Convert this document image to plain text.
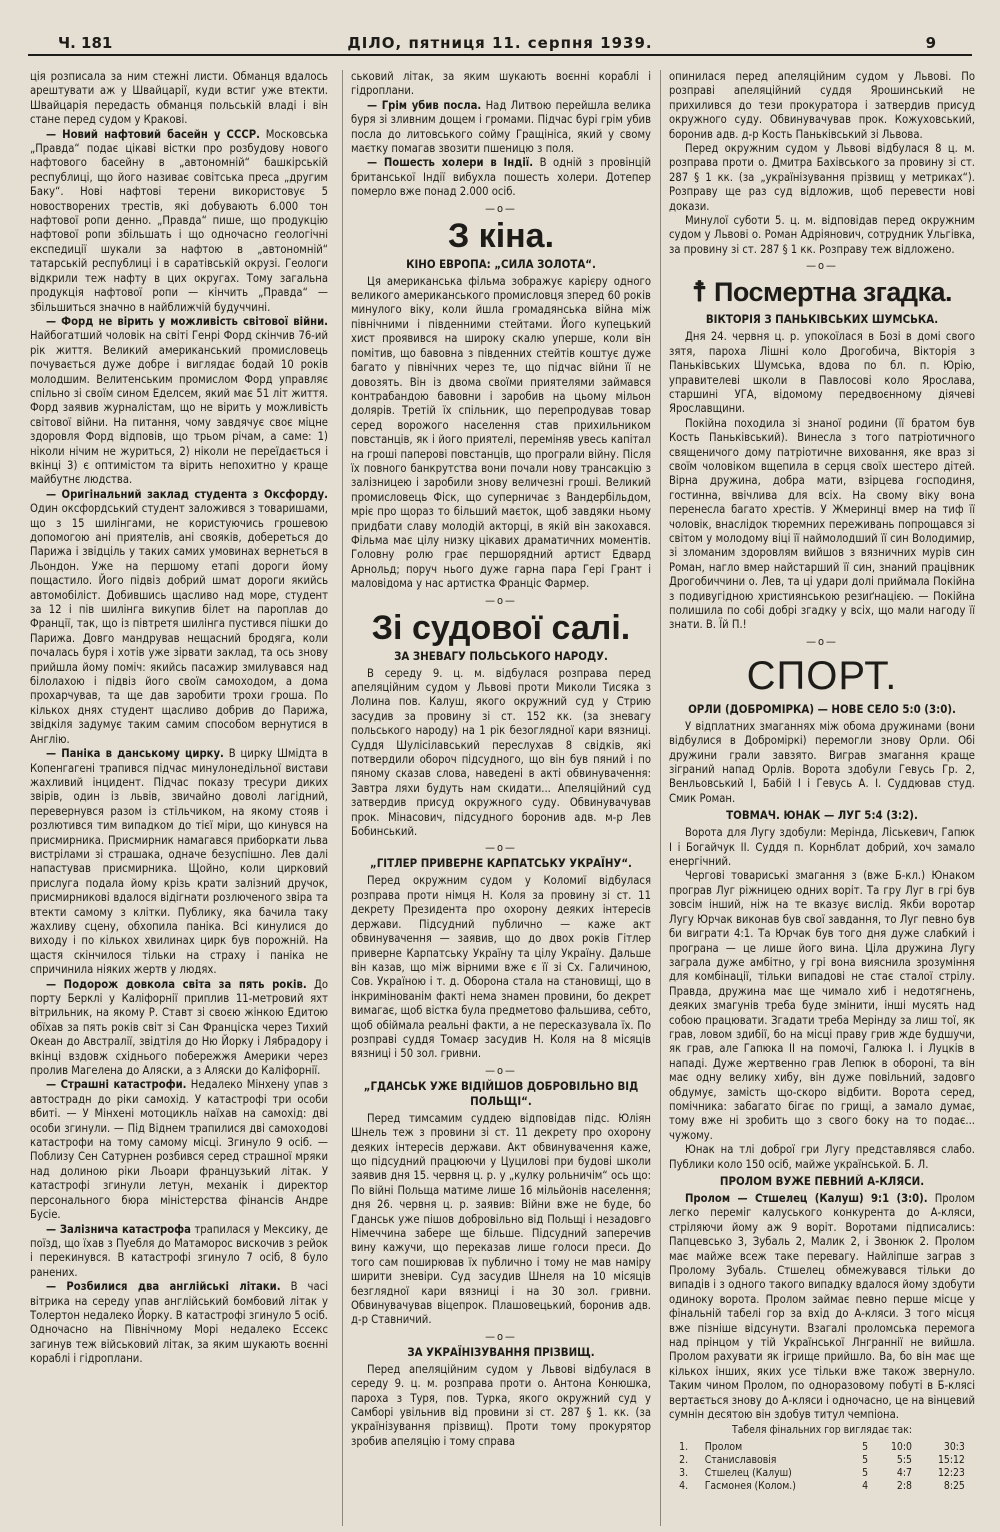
Ч. 181	ДІЛО, пятниця 11. серпня 1939.	9

ція розписала за ним стежні листи. Обманця вдалось арештувати аж у Швайцарії, куди встиг уже втекти. Швайцарія передасть обманця польській владі і він стане перед судом у Кракові.

— Новий нафтовий басейн у СССР. Московська „Правда“ подає цікаві вістки про розбудову нового нафтового басейну в „автономній“ башкірській республиці, що його називає совітська преса „другим Баку“. Нові нафтові терени використовує 5 новостворених трестів, які добувають 6.000 тон нафтової ропи денно. „Правда“ пише, що продукцію нафтової ропи збільшать і що одночасно геологічні експедиції шукали за нафтою в „автономній“ татарській республиці і в саратівській окрузі. Геологи відкрили теж нафту в цих округах. Тому загальна продукція нафтової ропи — кінчить „Правда“ — збільшиться значно в найближчій будуччині.

— Форд не вірить у можливість світової війни. Найбогатший чоловік на світі Генрі Форд скінчив 76-ий рік життя. Великий американський промисловець почувається дуже добре і виглядає бодай 10 років молодшим. Велитенським промислом Форд управляє спільно зі своїм сином Еделсем, який має 51 літ життя. Форд заявив журналістам, що не вірить у можливість світової війни. На питання, чому завдячує своє міцне здоровля Форд відповів, що трьом річам, а саме: 1) ніколи нічим не журиться, 2) ніколи не переїдається і вкінці 3) є оптимістом та вірить непохитно у краще майбутнє людства.

— Оригінальний заклад студента з Оксфорду. Один оксфордський студент заложився з товаришами, що з 15 шилінгами, не користуючись грошевою допомогою ані приятелів, ані свояків, добереться до Парижа і звідціль у таких самих умовинах вернеться в Льондон. Уже на першому етапі дороги йому пощастило. Його підвіз добрий шмат дороги якийсь автомобіліст. Добившись щасливо над море, студент за 12 і пів шилінга викупив білет на пароплав до Франції, так, що із півтретя шилінга пустився пішки до Парижа. Довго мандрував нещасний бродяга, коли почалась буря і хотів уже зірвати заклад, та ось знову прийшла йому поміч: якийсь пасажир змилувався над білолахою і підвіз його своїм самоходом, а дома прохарчував, та ще дав заробити трохи гроша. По кількох днях студент щасливо добрив до Парижа, звідкіля задумує таким самим способом вернутися в Англію.

— Паніка в данському цирку. В цирку Шмідта в Копенгагені трапився підчас минулонедільної вистави жахливий інцидент. Підчас показу тресури диких звірів, один із львів, звичайно доволі лагідний, перевернувся разом із стільчиком, на якому стояв і розлютився тим випадком до тієї міри, що кинувся на присмирника. Присмирник намагався приборкати льва вистрілами зі страшака, одначе безуспішно. Лев далі напастував присмирника. Щойно, коли цирковий прислуга подала йому крізь крати залізний дручок, присмирникові вдалося відігнати розлюченого звіра та втекти самому з клітки. Публику, яка бачила таку жахливу сцену, обхопила паніка. Всі кинулися до виходу і по кількох хвилинах цирк був порожній. На щастя скінчилося тільки на страху і паніка не спричинила ніяких жертв у людях.

— Подорож довкола світа за пять років. До порту Берклі у Каліфорнії приплив 11-метровий яхт вітрильник, на якому Р. Ставт зі своєю жінкою Едитою обїхав за пять років світ зі Сан Франціска через Тихий Океан до Австралії, звідтіля до Ню Йорку і Лябрадору і вкінці вздовж східнього побережжя Америки через пролив Магелена до Аляски, а з Аляски до Каліфорнії.

— Страшні катастрофи. Недалеко Мінхену упав з автострадн до ріки самохід. У катастрофі три особи вбиті. — У Мінхені мотоцикль наїхав на самохід: дві особи згинули. — Під Віднем трапилися дві самоходові катастрофи на тому самому місці. Згинуло 9 осіб. — Поблизу Сен Сатурнен розбився серед страшної мряки над долиною ріки Льоари французький літак. У катастрофі згинули летун, механік і директор персонального бюра міністерства фінансів Андре Бусіе.

— Залізнича катастрофа трапилася у Мексику, де поїзд, що їхав з Пуебля до Матаморос вискочив з рейок і перекинувся. В катастрофі згинуло 7 осіб, 8 було ранених.

— Розбилися два англійські літаки. В часі вітрика на середу упав англійський бомбовий літак у Толертон недалеко Йорку. В катастрофі згинуло 5 осіб. Одночасно на Північному Морі недалеко Ессекс загинув теж військовий літак, за яким шукають воєнні кораблі і гідроплани.

ськовий літак, за яким шукають воєнні кораблі і гідроплани.

— Грім убив посла. Над Литвою перейшла велика буря зі зливним дощем і громами. Підчас бурі грім убив посла до литовського сойму Гращініса, який у свому маєтку помагав звозити пшеницю з поля.

— Пошесть холери в Індії. В одній з провінцій британської Індії вибухла пошесть холери. Дотепер померло вже понад 2.000 осіб.

—o—
З кіна.
КІНО ЕВРОПА: „СИЛА ЗОЛОТА“.

Ця американська фільма зображує карієру одного великого американського промисловця зперед 60 років минулого віку, коли йшла громадянська війна між північними і південними стейтами. Його купецький хист проявився на широку скалю уперше, коли він помітив, що бавовна з південних стейтів коштує дуже багато у північних через те, що підчас війни її не довозять. Він із двома своїми приятелями займався контрабандою бавовни і заробив на цьому мільон долярів. Третій їх спільник, що перепродував товар серед ворожого населення став прихильником повстанців, як і його приятелі, переміняв увесь капітал на гроші паперові повстанців, що програли війну. Після їх повного банкрутства вони почали нову трансакцію з залізницею і заробили знову величезні гроші. Великий промисловець Фіск, що суперничає з Вандербільдом, мріє про щораз то більший маєток, щоб завдяки ньому придбати славу молодій акторці, в якій він закохався. Фільма має цілу низку цікавих драматичних моментів. Головну ролю грає першорядний артист Едвард Арнольд; поруч нього дуже гарна пара Гері Грант і маловідома у нас артистка Франціс Фармер.

—o—
Зі судової салі.
ЗА ЗНЕВАГУ ПОЛЬСЬКОГО НАРОДУ.

В середу 9. ц. м. відбулася розправа перед апеляційним судом у Львові проти Миколи Тисяка з Лолина пов. Калуш, якого окружний суд у Стрию засудив за провину зі ст. 152 кк. (за зневагу польського народу) на 1 рік безоглядної кари вязниці. Суддя Шулісілавський переслухав 8 свідків, які потвердили обороч підсудного, що він був пяний і по пяному сказав слова, наведені в акті обвинувачення: Завтра ляхи будуть нам скидати... Апеляційний суд затвердив присуд окружного суду. Обвинувачував прок. Мінасович, підсудного боронив адв. м-р Лев Бобинський.

—o—
„ГІТЛЕР ПРИВЕРНЕ КАРПАТСЬКУ УКРАЇНУ“.

Перед окружним судом у Коломиї відбулася розправа проти німця Н. Коля за провину зі ст. 11 декрету Президента про охорону деяких інтересів держави. Підсудний публично — каже акт обвинувачення — заявив, що до двох років Гітлер приверне Карпатську Україну та цілу Україну. Дальше він казав, що між вірними вже є її зі Сх. Галичиною, Сов. Україною і т. д. Оборона стала на становищі, що в інкримінованім факті нема знамен провини, бо декрет вимагає, щоб вістка була предметово фальшива, себто, щоб обіймала реальні факти, а не пересказувала їх. По розправі суддя Томаєр засудив Н. Коля на 8 місяців вязниці і 50 зол. гривни.

—o—
„ГДАНСЬК УЖЕ ВІДІЙШОВ ДОБРОВІЛЬНО ВІД ПОЛЬЩІ“.

Перед тимсамим суддею відповідав підс. Юліян Шнель теж з провини зі ст. 11 декрету про охорону деяких інтересів держави. Акт обвинувачення каже, що підсудний працюючи у Цуцилові при будові школи заявив дня 15. червня ц. р. у „кулку рольничім“ ось що: По війні Польща матиме лише 16 мільйонів населення; дня 26. червня ц. р. заявив: Війни вже не буде, бо Гданськ уже пішов добровільно від Польщі і незадовго Німеччина забере ще більше. Підсудний заперечив вину кажучи, що переказав лише голоси преси. До того сам поширював їх публично і тому не мав наміру ширити зневіри. Суд засудив Шнеля на 10 місяців безглядної кари вязниці і на 30 зол. гривни. Обвинувачував віцепрок. Плашовецький, боронив адв. д-р Ставничий.

—o—
ЗА УКРАЇНІЗУВАННЯ ПРІЗВИЩ.

Перед апеляційним судом у Львові відбулася в середу 9. ц. м. розправа проти о. Антона Конюшка, пароха з Туря, пов. Турка, якого окружний суд у Самборі увільнив від провини зі ст. 287 § 1. кк. (за українізування прізвищ). Проти тому прокурятор зробив апеляцію і тому справа

опинилася перед апеляційним судом у Львові. По розправі апеляційний суддя Ярошинський не прихилився до тези прокуратора і затвердив присуд окружного суду. Обвинувачував прок. Кожуховський, боронив адв. д-р Кость Паньківський зі Львова.

Перед окружним судом у Львові відбулася 8 ц. м. розправа проти о. Дмитра Бахівського за провину зі ст. 287 § 1 кк. (за „українізування прізвищ у метриках“). Розправу ще раз суд відложив, щоб перевести нові докази.

Минулої суботи 5. ц. м. відповідав перед окружним судом у Львові о. Роман Адріянович, сотрудник Ульгівка, за провину зі ст. 287 § 1 кк. Розправу теж відложено.

—o—
☨ Посмертна згадка.
ВІКТОРІЯ З ПАНЬКІВСЬКИХ ШУМСЬКА.

Дня 24. червня ц. р. упокоїлася в Бозі в домі свого зятя, пароха Лішні коло Дрогобича, Вікторія з Паньківських Шумська, вдова по бл. п. Юрію, управителеві школи в Павлосові коло Ярослава, старшині УГА, відомому передвоєнному діячеві Ярославщини.

Покійна походила зі знаної родини (її братом був Кость Паньківський). Винесла з того патріотичного священичого дому патріотичне виховання, яке враз зі своїм чоловіком вщепила в серця своїх шестеро дітей. Вірна дружина, добра мати, взірцева господиня, гостинна, ввічлива для всіх. На свому віку вона перенесла багато хрестів. У Жмеринці вмер на тиф її чоловік, внаслідок тюремних переживань попрощався зі світом у молодому віці її наймолодший її син Володимир, зі зломаним здоровлям вийшов з вязничних мурів син Роман, нагло вмер найстарший її син, знаний працівник Дрогобиччини о. Лев, та ці удари долі приймала Покійна з подивугідною християнською резиґнацією. — Покійна полишила по собі добрі згадку у всіх, що мали нагоду її знати. В. Їй П.!

—o—
СПОРТ.
ОРЛИ (ДОБРОМІРКА) — НОВЕ СЕЛО 5:0 (3:0).

У відплатних змаганнях між обома дружинами (вони відбулися в Доброміркі) перемогли знову Орли. Обі дружини грали завзято. Виграв змагання краще зіграний напад Орлів. Ворота здобули Гевусь Гр. 2, Венльовський І, Бабій І і Гевусь А. І. Суддював студ. Смик Роман.

ТОВМАЧ. ЮНАК — ЛУГ 5:4 (3:2).

Ворота для Лугу здобули: Мерінда, Ліськевич, Гапюк І і Богайчук ІІ. Суддя п. Корнблат добрий, хоч замало енергічний.

Чергові товариські змагання з (вже Б-кл.) Юнаком програв Луг ріжницею одних воріт. Та гру Луг в грі був зовсім інший, ніж на те вказує вислід. Якби воротар Лугу Юрчак виконав був свої завдання, то Луг певно був би виграти 4:1. Та Юрчак був того дня дуже слабкий і програна — це лише його вина. Ціла дружина Лугу заграла дуже амбітно, у грі вона вияснила зрозуміння для комбінації, тільки випадові не стає сталої стрілу. Правда, дружина має ще чимало хиб і недотягнень, деяких змагунів треба буде змінити, інші мусять над собою працювати. Згадати треба Мерінду за лиш тої, як грав, ловом здибії, бо на місці праву грив жде будшучи, як грав, але Гапюка ІІ на помочі, Галюка І. і Луцків в нападі. Дуже жертвенно грав Лепюк в обороні, та він має одну велику хибу, він дуже повільний, задовго обдумує, замість що-скоро відбити. Ворота серед, помічника: забагато бігає по грищі, а замало думає, тому вже ні зробить що з свого боку на то подає... чужому.

Юнак на тлі доброї гри Лугу представлявся слабо. Публики коло 150 осіб, майже українськой. Б. Л.

ПРОЛОМ ВУЖЕ ПЕВНИЙ А-КЛЯСИ.

Пролом — Стшелец (Калуш) 9:1 (3:0). Пролом легко переміг калуського конкурента до А-кляси, стріляючи йому аж 9 воріт. Воротами підписались: Папцевсько 3, Зубаль 2, Малик 2, і Звонюк 2. Пролом має майже всеж таке перевагу. Найліпше заграв з Пролому Зубаль. Стшелец обмежувався тільки до випадів і з одного такого випадку вдалося йому здобути одиноку ворота. Пролом займає певно перше місце у фінальній табелі гор за вхід до А-кляси. З того місця вже пізніше відсунути. Взагалі проломська перемога над прінцом у тій Української Лнграннії не вийшла. Пролом рахувати як ігрище прийшло. Ва, бо він має ще кількох інших, яких усе тільки вже також звернуло. Таким чином Пролом, по одноразовому побуті в Б-клясі вертається знову до А-кляси і одночасно, це на вінцевий сумнін десятою він здобув титул чемпіона.

Табеля фінальних гор виглядає так:
1.	Пролом	5	10:0	30:3
2.	Станиславовія	5	5:5	15:12
3.	Стшелец (Калуш)	5	4:7	12:23
4.	Гасмонея (Колом.)	4	2:8	8:25
